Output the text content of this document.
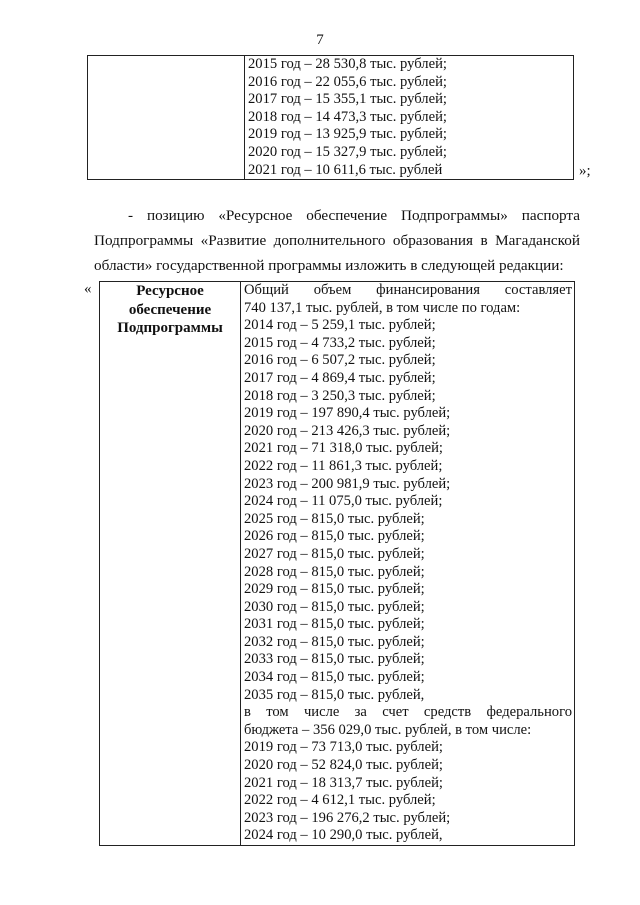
7

2015 год – 28 530,8 тыс. рублей;
2016 год – 22 055,6 тыс. рублей;
2017 год – 15 355,1 тыс. рублей;
2018 год – 14 473,3 тыс. рублей;
2019 год – 13 925,9 тыс. рублей;
2020 год – 15 327,9 тыс. рублей;
2021 год – 10 611,6 тыс. рублей	»;
- позицию «Ресурсное обеспечение Подпрограммы» паспорта Подпрограммы «Развитие дополнительного образования в Магаданской области» государственной программы изложить в следующей редакции:
«	Ресурсное обеспечение Подпрограммы

Общий объем финансирования составляет
740 137,1 тыс. рублей, в том числе по годам:
2014 год – 5 259,1 тыс. рублей;
2015 год – 4 733,2 тыс. рублей;
2016 год – 6 507,2 тыс. рублей;
2017 год – 4 869,4 тыс. рублей;
2018 год – 3 250,3 тыс. рублей;
2019 год – 197 890,4 тыс. рублей;
2020 год – 213 426,3 тыс. рублей;
2021 год – 71 318,0 тыс. рублей;
2022 год – 11 861,3 тыс. рублей;
2023 год – 200 981,9 тыс. рублей;
2024 год – 11 075,0 тыс. рублей;
2025 год – 815,0 тыс. рублей;
2026 год – 815,0 тыс. рублей;
2027 год – 815,0 тыс. рублей;
2028 год – 815,0 тыс. рублей;
2029 год – 815,0 тыс. рублей;
2030 год – 815,0 тыс. рублей;
2031 год – 815,0 тыс. рублей;
2032 год – 815,0 тыс. рублей;
2033 год – 815,0 тыс. рублей;
2034 год – 815,0 тыс. рублей;
2035 год – 815,0 тыс. рублей,
в том числе за счет средств федерального
бюджета – 356 029,0 тыс. рублей, в том числе:
2019 год – 73 713,0 тыс. рублей;
2020 год – 52 824,0 тыс. рублей;
2021 год – 18 313,7 тыс. рублей;
2022 год – 4 612,1 тыс. рублей;
2023 год – 196 276,2 тыс. рублей;
2024 год – 10 290,0 тыс. рублей,
